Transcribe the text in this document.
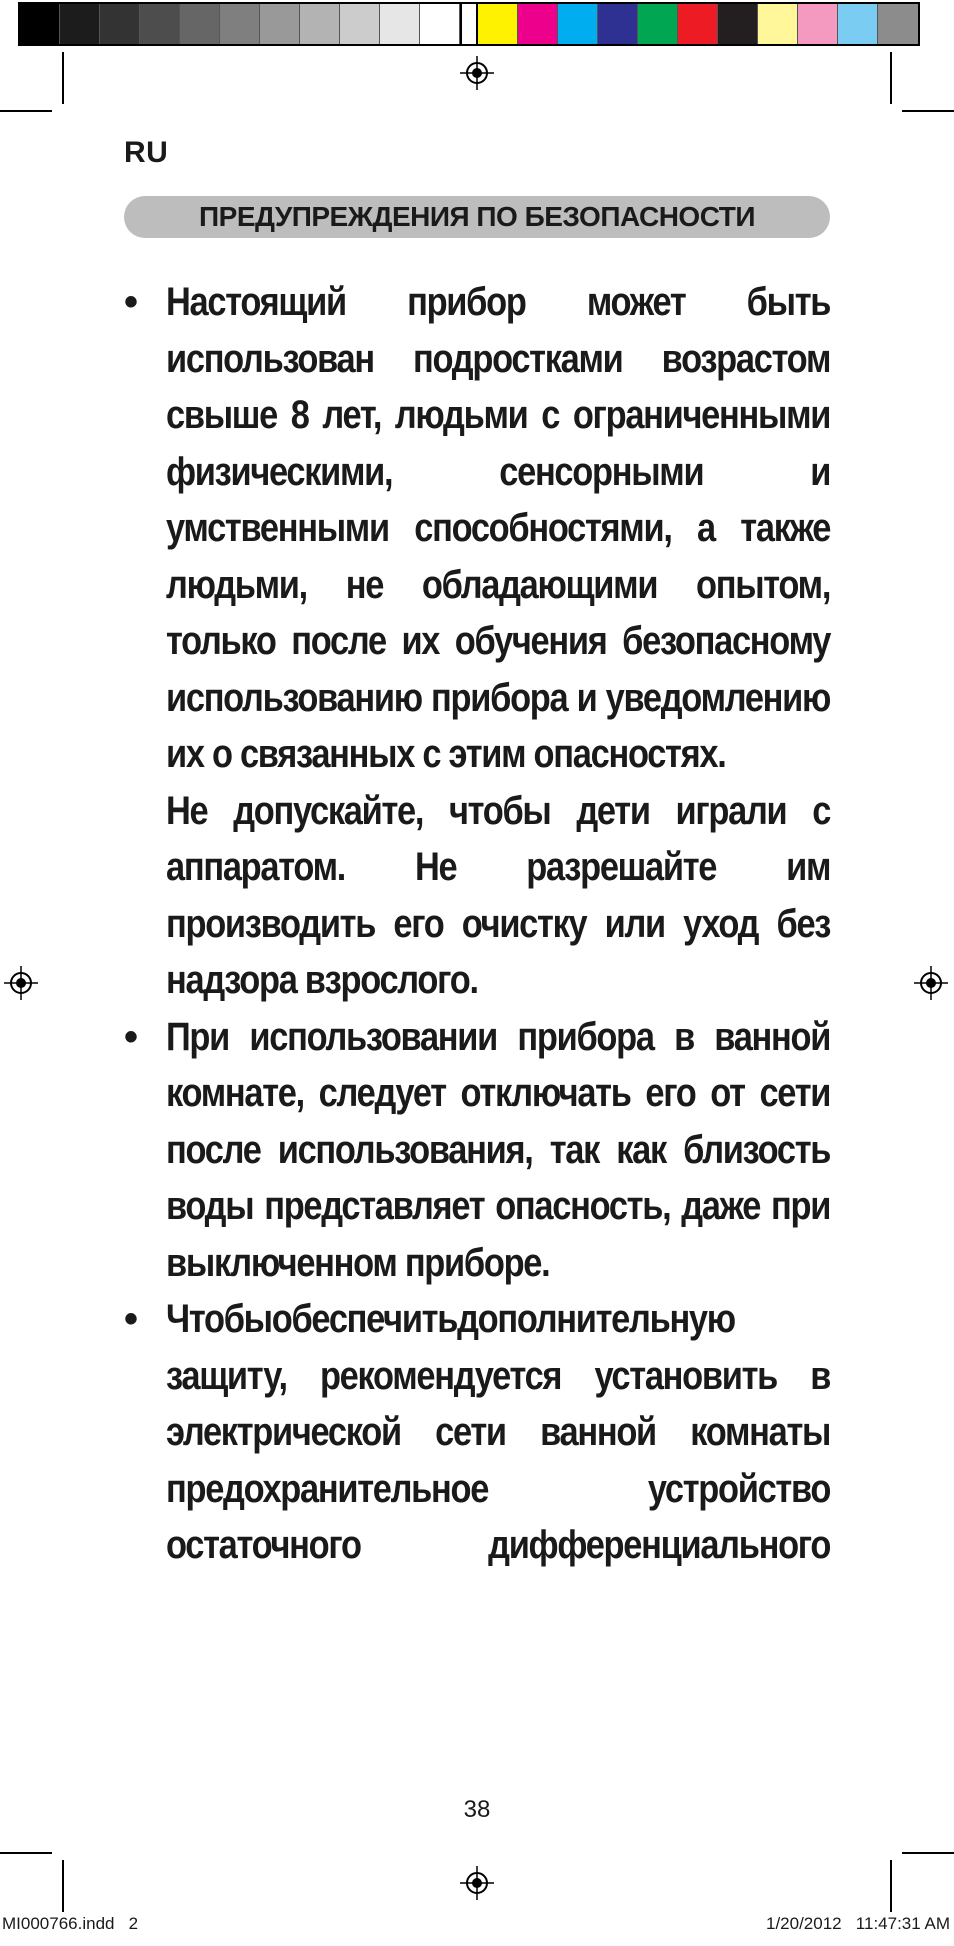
RU
ПРЕДУПРЕЖДЕНИЯ ПО БЕЗОПАСНОСТИ
• Настоящий прибор может быть использован подростками возрастом свыше 8 лет, людьми с ограниченными физическими, сенсорными и умственными способностями, а также людьми, не обладающими опытом, только после их обучения безопасному использованию прибора и уведомлению их о связанных с этим опасностях.

Не допускайте, чтобы дети играли с аппаратом. Не разрешайте им производить его очистку или уход без надзора взрослого.

• При использовании прибора в ванной комнате, следует отключать его от сети после использования, так как близость воды представляет опасность, даже при выключенном приборе.

• Чтобыобеспечитьдополнительную защиту, рекомендуется установить в электрической сети ванной комнаты предохранительное устройство остаточного дифференциального

38
MI000766.indd   2	1/20/2012   11:47:31 AM
